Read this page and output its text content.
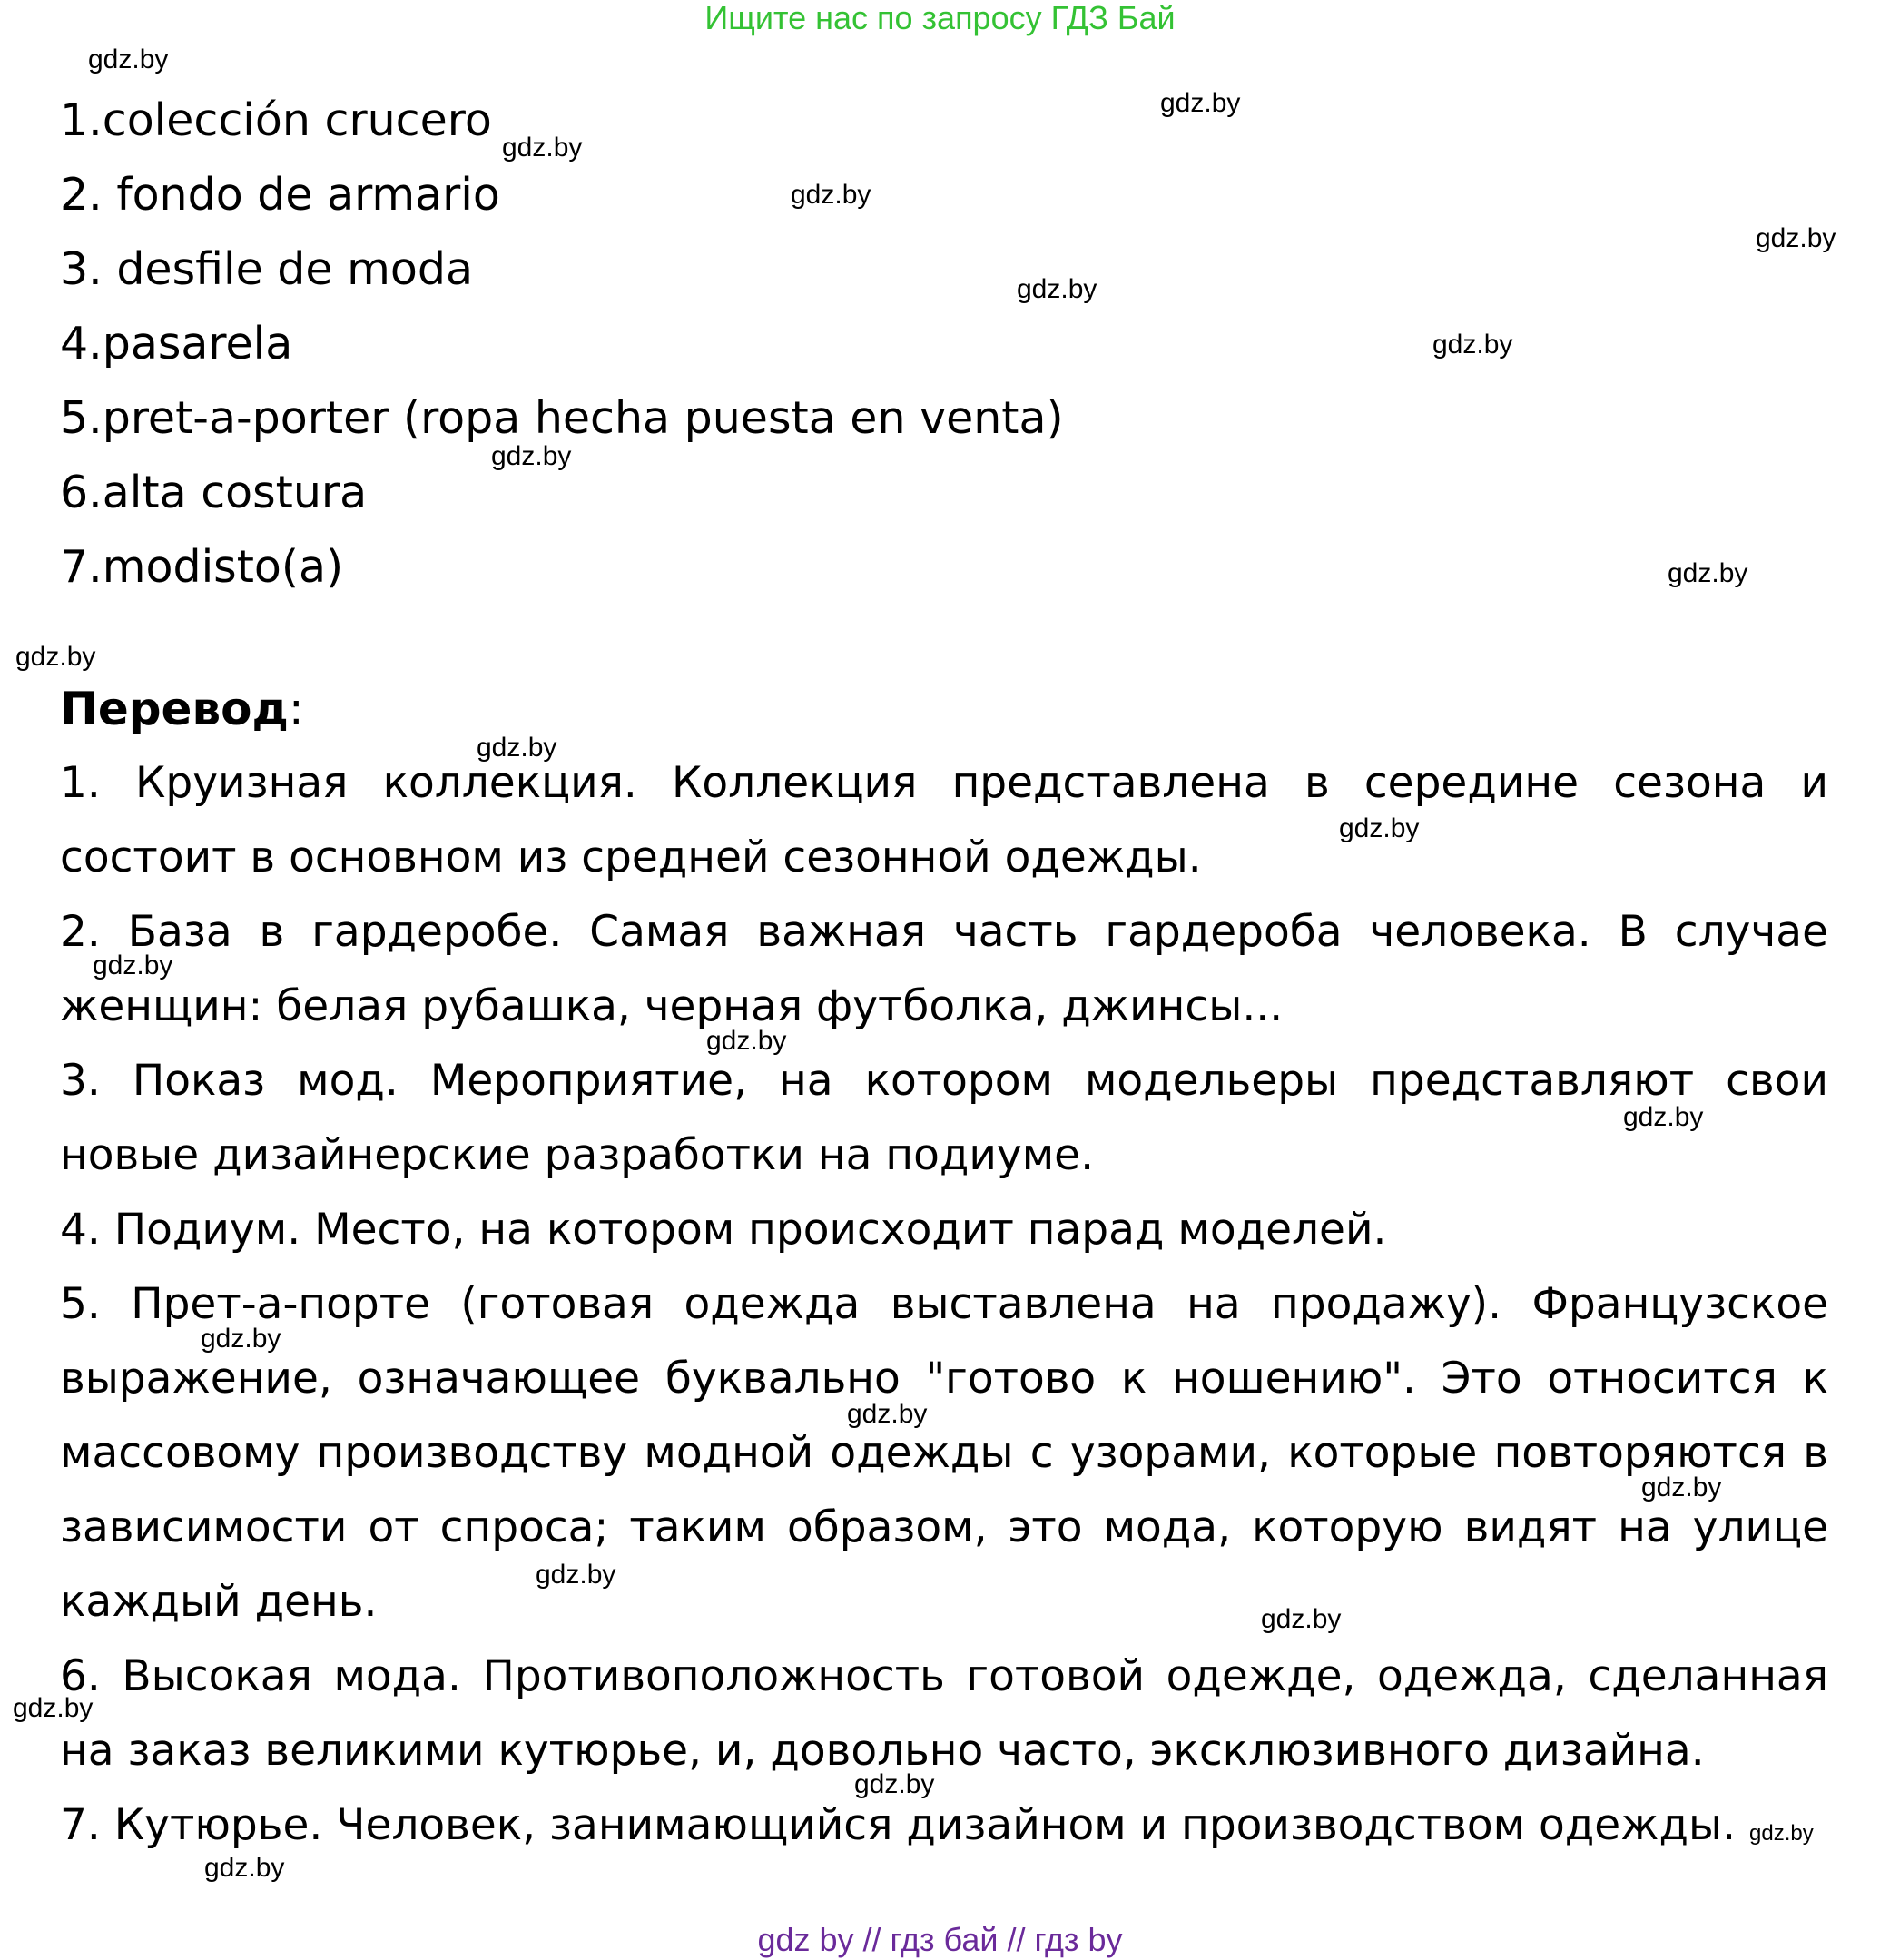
Ищите нас по запросу ГДЗ Бай
1.colección crucero
2. fondo de armario
3. desfile de moda
4.pasarela
5.pret-a-porter (ropa hecha puesta en venta)
6.alta costura
7.modisto(a)
Перевод:

1. Круизная коллекция. Коллекция представлена в середине сезона и состоит в основном из средней сезонной одежды.

2. База в гардеробе. Самая важная часть гардероба человека. В случае женщин: белая рубашка, черная футболка, джинсы...

3. Показ мод. Мероприятие, на котором модельеры представляют свои новые дизайнерские разработки на подиуме.

4. Подиум. Место, на котором происходит парад моделей.

5. Прет-а-порте (готовая одежда выставлена на продажу). Французское выражение, означающее буквально "готово к ношению". Это относится к массовому производству модной одежды с узорами, которые повторяются в зависимости от спроса; таким образом, это мода, которую видят на улице каждый день.

6. Высокая мода. Противоположность готовой одежде, одежда, сделанная на заказ великими кутюрье, и, довольно часто, эксклюзивного дизайна.

7. Кутюрье. Человек, занимающийся дизайном и производством одежды.

gdz.by
gdz.by
gdz.by
gdz.by
gdz.by
gdz.by
gdz.by
gdz.by
gdz.by
gdz.by
gdz.by
gdz.by
gdz.by
gdz.by
gdz.by
gdz.by
gdz.by
gdz.by
gdz.by
gdz.by
gdz.by
gdz.by
gdz.by
gdz.by
gdz by // гдз бай // гдз by
